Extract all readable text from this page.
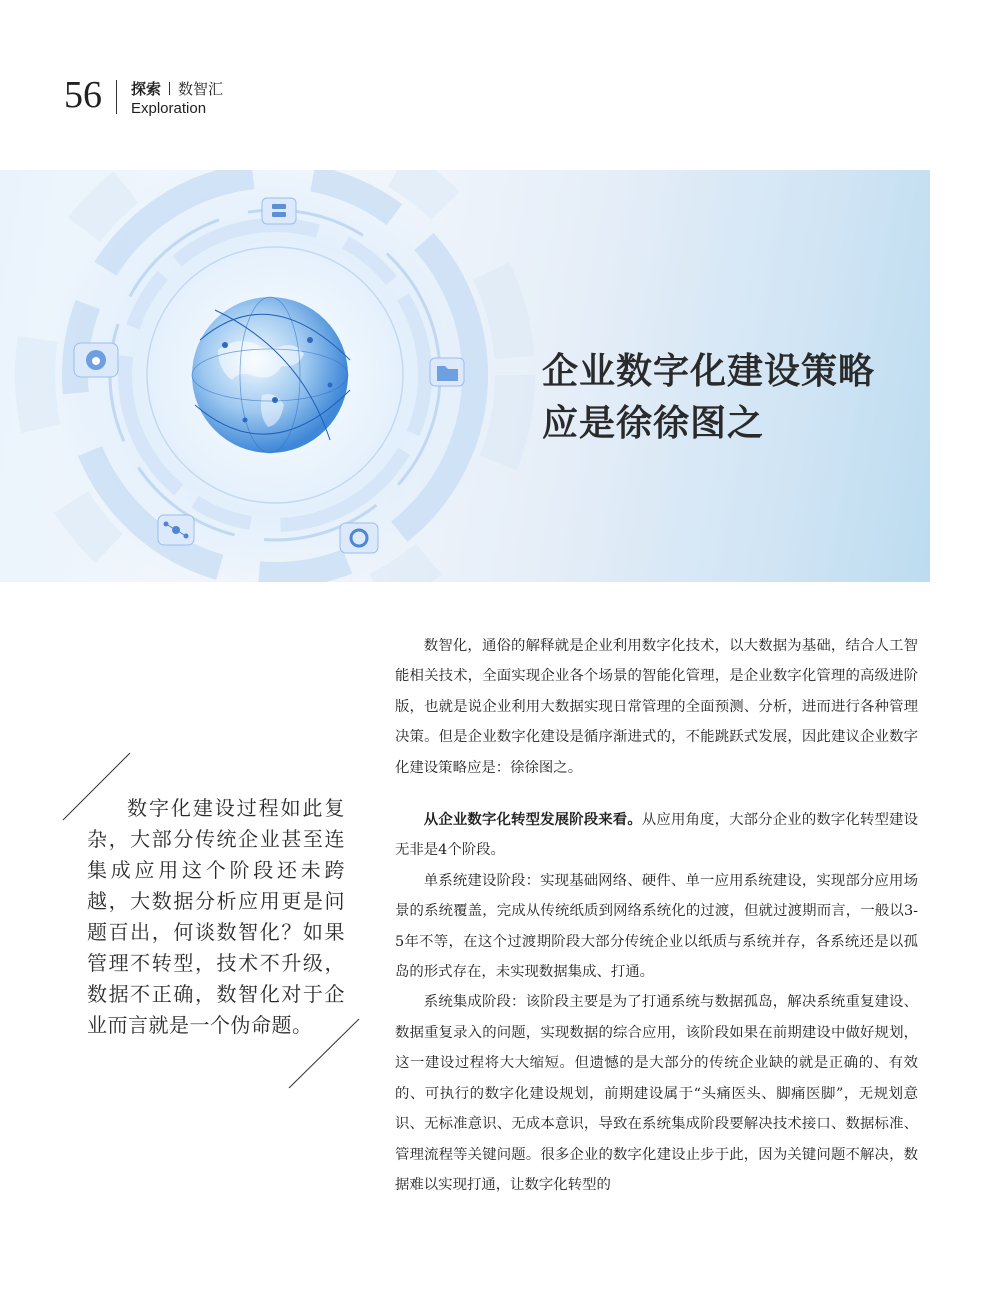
56 探索 数智汇
Exploration
企业数字化建设策略
应是徐徐图之

数字化建设过程如此复杂，大部分传统企业甚至连集成应用这个阶段还未跨越，大数据分析应用更是问题百出，何谈数智化？如果管理不转型，技术不升级，数据不正确，数智化对于企业而言就是一个伪命题。

数智化，通俗的解释就是企业利用数字化技术，以大数据为基础，结合人工智能相关技术，全面实现企业各个场景的智能化管理，是企业数字化管理的高级进阶版，也就是说企业利用大数据实现日常管理的全面预测、分析，进而进行各种管理决策。但是企业数字化建设是循序渐进式的，不能跳跃式发展，因此建议企业数字化建设策略应是：徐徐图之。

从企业数字化转型发展阶段来看。从应用角度，大部分企业的数字化转型建设无非是4个阶段。

单系统建设阶段：实现基础网络、硬件、单一应用系统建设，实现部分应用场景的系统覆盖，完成从传统纸质到网络系统化的过渡，但就过渡期而言，一般以3-5年不等，在这个过渡期阶段大部分传统企业以纸质与系统并存，各系统还是以孤岛的形式存在，未实现数据集成、打通。

系统集成阶段：该阶段主要是为了打通系统与数据孤岛，解决系统重复建设、数据重复录入的问题，实现数据的综合应用，该阶段如果在前期建设中做好规划，这一建设过程将大大缩短。但遗憾的是大部分的传统企业缺的就是正确的、有效的、可执行的数字化建设规划，前期建设属于“头痛医头、脚痛医脚”，无规划意识、无标准意识、无成本意识，导致在系统集成阶段要解决技术接口、数据标准、管理流程等关键问题。很多企业的数字化建设止步于此，因为关键问题不解决，数据难以实现打通，让数字化转型的
